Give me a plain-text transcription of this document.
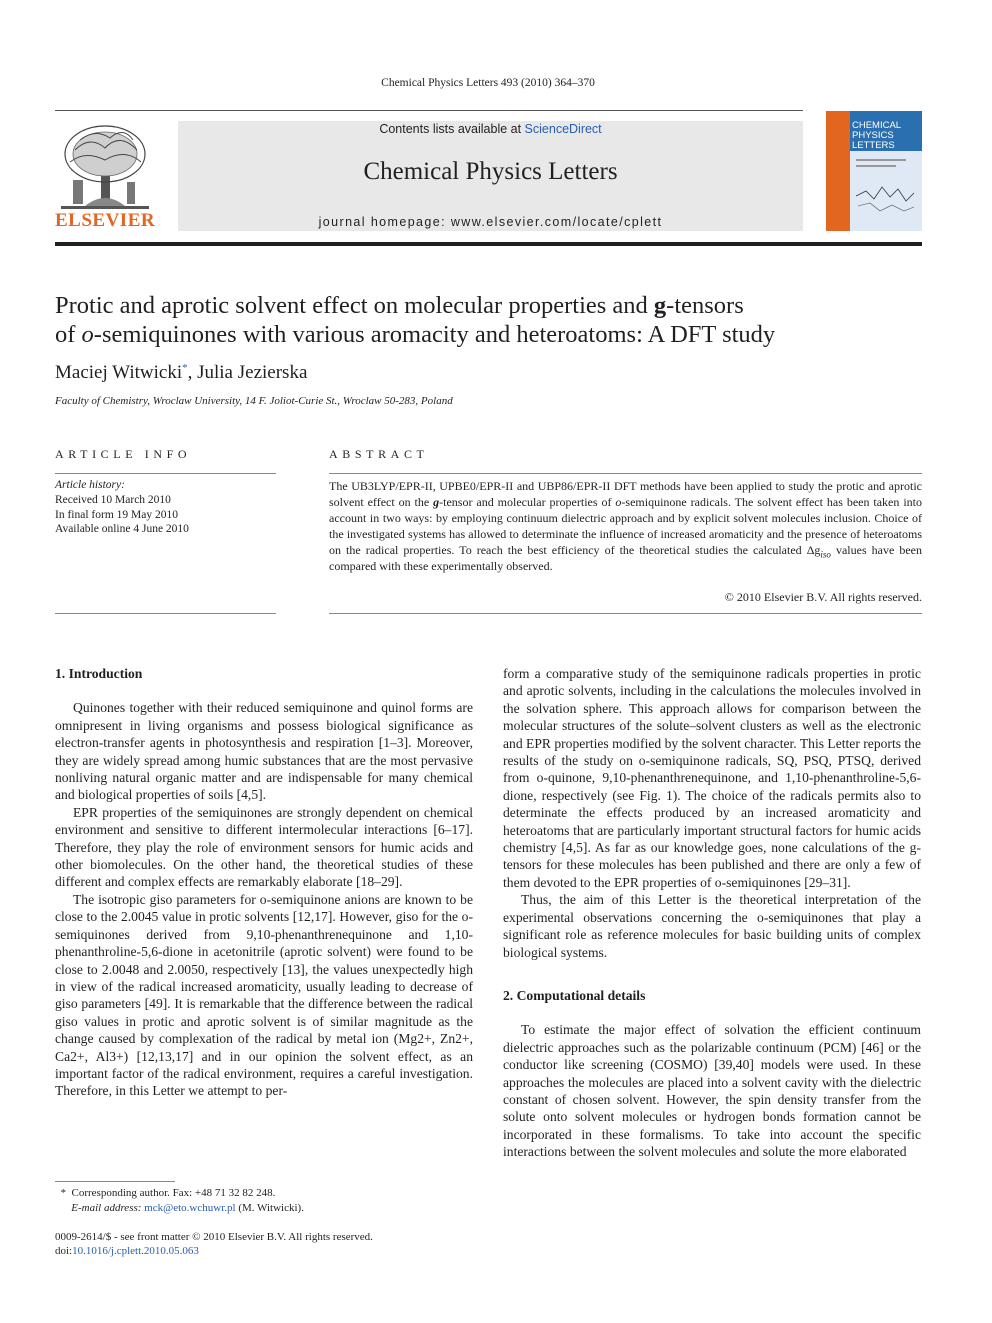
Chemical Physics Letters 493 (2010) 364–370
ELSEVIER
Contents lists available at ScienceDirect
Chemical Physics Letters
journal homepage: www.elsevier.com/locate/cplett
CHEMICAL
PHYSICS
LETTERS
Protic and aprotic solvent effect on molecular properties and g-tensors
of o-semiquinones with various aromacity and heteroatoms: A DFT study
Maciej Witwicki*, Julia Jezierska
Faculty of Chemistry, Wroclaw University, 14 F. Joliot-Curie St., Wroclaw 50-283, Poland
ARTICLE INFO	ABSTRACT
Article history:
Received 10 March 2010
In final form 19 May 2010
Available online 4 June 2010
The UB3LYP/EPR-II, UPBE0/EPR-II and UBP86/EPR-II DFT methods have been applied to study the protic and aprotic solvent effect on the g-tensor and molecular properties of o-semiquinone radicals. The solvent effect has been taken into account in two ways: by employing continuum dielectric approach and by explicit solvent molecules inclusion. Choice of the investigated systems has allowed to determinate the influence of increased aromaticity and the presence of heteroatoms on the radical properties. To reach the best efficiency of the theoretical studies the calculated $\Delta g_{iso}$ values have been compared with these experimentally observed.
© 2010 Elsevier B.V. All rights reserved.
1. Introduction

Quinones together with their reduced semiquinone and quinol forms are omnipresent in living organisms and possess biological significance as electron-transfer agents in photosynthesis and respiration [1–3]. Moreover, they are widely spread among humic substances that are the most pervasive nonliving natural organic matter and are indispensable for many chemical and biological properties of soils [4,5].

EPR properties of the semiquinones are strongly dependent on chemical environment and sensitive to different intermolecular interactions [6–17]. Therefore, they play the role of environment sensors for humic acids and other biomolecules. On the other hand, the theoretical studies of these different and complex effects are remarkably elaborate [18–29].

The isotropic giso parameters for o-semiquinone anions are known to be close to the 2.0045 value in protic solvents [12,17]. However, giso for the o-semiquinones derived from 9,10-phenanthrenequinone and 1,10-phenanthroline-5,6-dione in acetonitrile (aprotic solvent) were found to be close to 2.0048 and 2.0050, respectively [13], the values unexpectedly high in view of the radical increased aromaticity, usually leading to decrease of giso parameters [49]. It is remarkable that the difference between the radical giso values in protic and aprotic solvent is of similar magnitude as the change caused by complexation of the radical by metal ion (Mg2+, Zn2+, Ca2+, Al3+) [12,13,17] and in our opinion the solvent effect, as an important factor of the radical environment, requires a careful investigation. Therefore, in this Letter we attempt to per-

form a comparative study of the semiquinone radicals properties in protic and aprotic solvents, including in the calculations the molecules involved in the solvation sphere. This approach allows for comparison between the molecular structures of the solute–solvent clusters as well as the electronic and EPR properties modified by the solvent character. This Letter reports the results of the study on o-semiquinone radicals, SQ, PSQ, PTSQ, derived from o-quinone, 9,10-phenanthrenequinone, and 1,10-phenanthroline-5,6-dione, respectively (see Fig. 1). The choice of the radicals permits also to determinate the effects produced by an increased aromaticity and heteroatoms that are particularly important structural factors for humic acids chemistry [4,5]. As far as our knowledge goes, none calculations of the g-tensors for these molecules has been published and there are only a few of them devoted to the EPR properties of o-semiquinones [29–31].

Thus, the aim of this Letter is the theoretical interpretation of the experimental observations concerning the o-semiquinones that play a significant role as reference molecules for basic building units of complex biological systems.

2. Computational details

To estimate the major effect of solvation the efficient continuum dielectric approaches such as the polarizable continuum (PCM) [46] or the conductor like screening (COSMO) [39,40] models were used. In these approaches the molecules are placed into a solvent cavity with the dielectric constant of chosen solvent. However, the spin density transfer from the solute onto solvent molecules or hydrogen bonds formation cannot be incorporated in these formalisms. To take into account the specific interactions between the solvent molecules and solute the more elaborated

* Corresponding author. Fax: +48 71 32 82 248.
E-mail address: mck@eto.wchuwr.pl (M. Witwicki).
0009-2614/$ - see front matter © 2010 Elsevier B.V. All rights reserved.
doi:10.1016/j.cplett.2010.05.063
